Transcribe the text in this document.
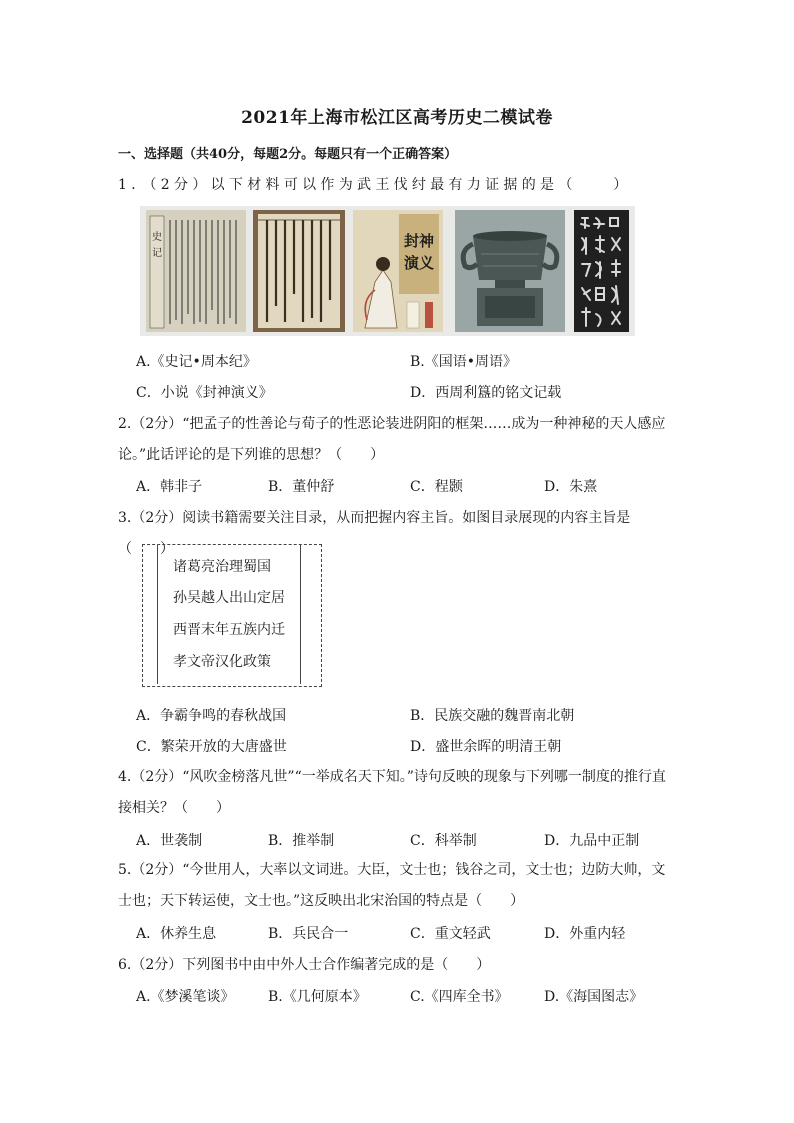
2021年上海市松江区高考历史二模试卷
一、选择题（共40分，每题2分。每题只有一个正确答案）
1．（2分）以下材料可以作为武王伐纣最有力证据的是（　　）
史
记
封神
演义
A.《史记•周本纪》	B.《国语•周语》
C．小说《封神演义》	D．西周利簋的铭文记载
2.（2分）“把孟子的性善论与荀子的性恶论装进阴阳的框架……成为一种神秘的天人感应论。”此话评论的是下列谁的思想？（　　）
A．韩非子	B．董仲舒	C．程颢	D．朱熹
3.（2分）阅读书籍需要关注目录，从而把握内容主旨。如图目录展现的内容主旨是（　　）
诸葛亮治理蜀国
孙吴越人出山定居
西晋末年五族内迁
孝文帝汉化政策
A．争霸争鸣的春秋战国	B．民族交融的魏晋南北朝
C．繁荣开放的大唐盛世	D．盛世余晖的明清王朝
4.（2分）“风吹金榜落凡世”“一举成名天下知。”诗句反映的现象与下列哪一制度的推行直接相关？（　　）
A．世袭制	B．推举制	C．科举制	D．九品中正制
5.（2分）“今世用人，大率以文词进。大臣，文士也；钱谷之司，文士也；边防大帅，文士也；天下转运使，文士也。”这反映出北宋治国的特点是（　　）
A．休养生息	B．兵民合一	C．重文轻武	D．外重内轻
6.（2分）下列图书中由中外人士合作编著完成的是（　　）
A.《梦溪笔谈》 B.《几何原本》	C.《四库全书》	D.《海国图志》
